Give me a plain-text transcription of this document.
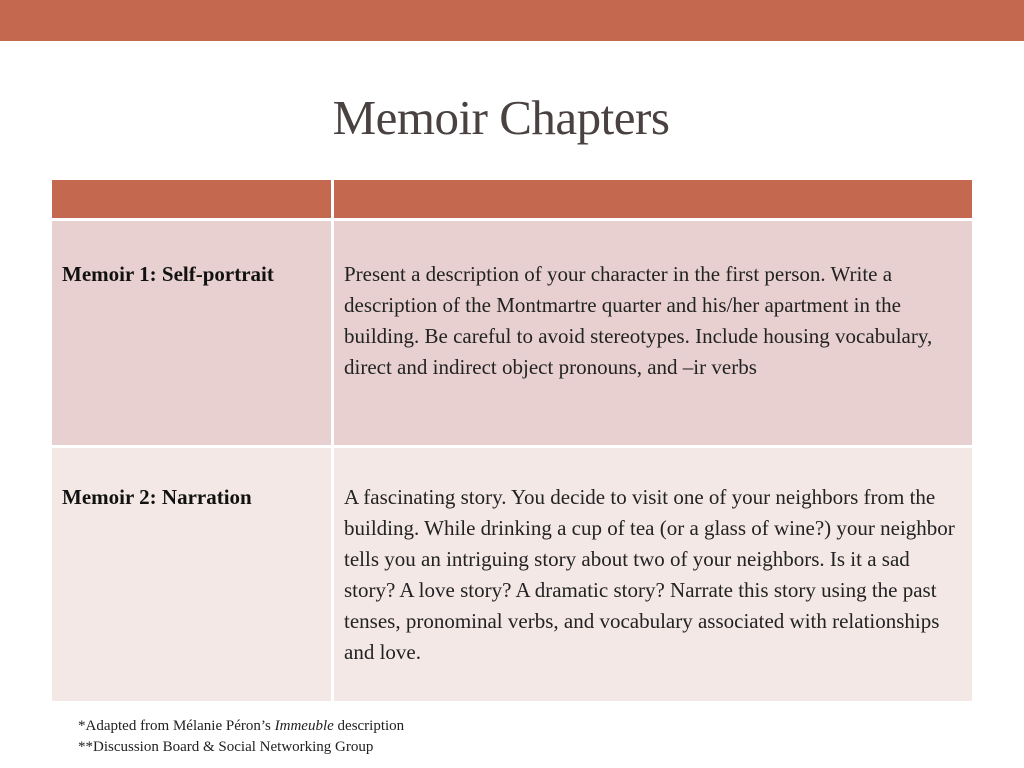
Memoir Chapters
Memoir 1: Self-portrait	Present a description of your character in the first person. Write a description of the Montmartre quarter and his/her apartment in the building. Be careful to avoid stereotypes. Include housing vocabulary, direct and indirect object pronouns, and –ir verbs
Memoir 2: Narration	A fascinating story. You decide to visit one of your neighbors from the building. While drinking a cup of tea (or a glass of wine?) your neighbor tells you an intriguing story about two of your neighbors. Is it a sad story? A love story? A dramatic story? Narrate this story using the past tenses, pronominal verbs, and vocabulary associated with relationships and love.
*Adapted from Mélanie Péron’s Immeuble description
**Discussion Board & Social Networking Group
